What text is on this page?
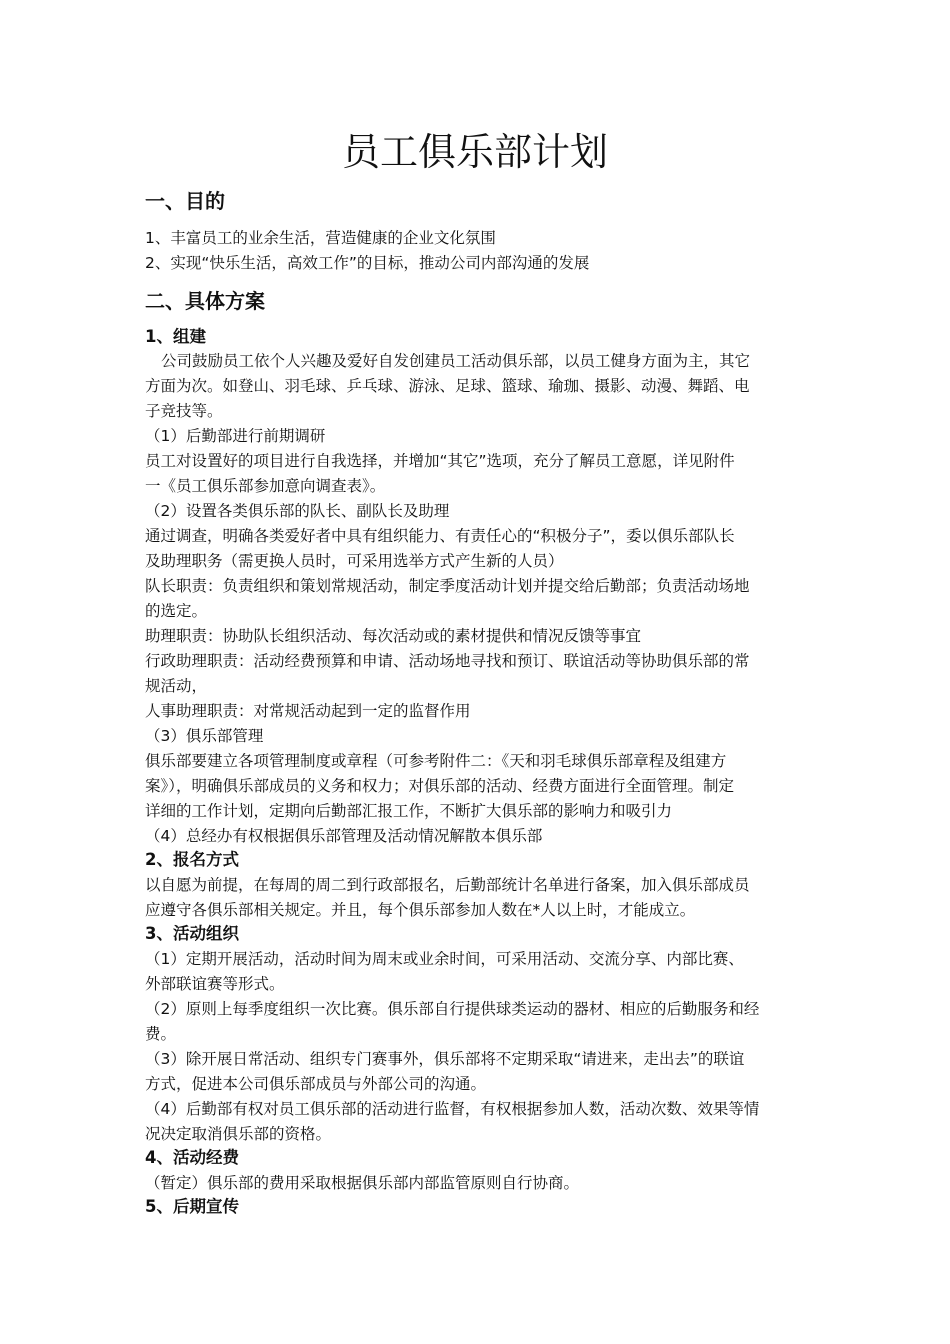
员工俱乐部计划
一、目的

1、丰富员工的业余生活，营造健康的企业文化氛围

2、实现“快乐生活，高效工作”的目标，推动公司内部沟通的发展

二、具体方案
1、组建

公司鼓励员工依个人兴趣及爱好自发创建员工活动俱乐部，以员工健身方面为主，其它

方面为次。如登山、羽毛球、乒乓球、游泳、足球、篮球、瑜珈、摄影、动漫、舞蹈、电

子竞技等。

（1）后勤部进行前期调研

员工对设置好的项目进行自我选择，并增加“其它”选项，充分了解员工意愿，详见附件

一《员工俱乐部参加意向调查表》。

（2）设置各类俱乐部的队长、副队长及助理

通过调查，明确各类爱好者中具有组织能力、有责任心的“积极分子”，委以俱乐部队长

及助理职务（需更换人员时，可采用选举方式产生新的人员）

队长职责：负责组织和策划常规活动，制定季度活动计划并提交给后勤部；负责活动场地

的选定。

助理职责：协助队长组织活动、每次活动或的素材提供和情况反馈等事宜

行政助理职责：活动经费预算和申请、活动场地寻找和预订、联谊活动等协助俱乐部的常

规活动，

人事助理职责：对常规活动起到一定的监督作用

（3）俱乐部管理

俱乐部要建立各项管理制度或章程（可参考附件二：《天和羽毛球俱乐部章程及组建方

案》），明确俱乐部成员的义务和权力；对俱乐部的活动、经费方面进行全面管理。制定

详细的工作计划，定期向后勤部汇报工作，不断扩大俱乐部的影响力和吸引力

（4）总经办有权根据俱乐部管理及活动情况解散本俱乐部

2、报名方式

以自愿为前提，在每周的周二到行政部报名，后勤部统计名单进行备案，加入俱乐部成员

应遵守各俱乐部相关规定。并且，每个俱乐部参加人数在*人以上时，才能成立。

3、活动组织

（1）定期开展活动，活动时间为周末或业余时间，可采用活动、交流分享、内部比赛、

外部联谊赛等形式。

（2）原则上每季度组织一次比赛。俱乐部自行提供球类运动的器材、相应的后勤服务和经

费。

（3）除开展日常活动、组织专门赛事外，俱乐部将不定期采取“请进来，走出去”的联谊

方式，促进本公司俱乐部成员与外部公司的沟通。

（4）后勤部有权对员工俱乐部的活动进行监督，有权根据参加人数，活动次数、效果等情

况决定取消俱乐部的资格。

4、活动经费

（暂定）俱乐部的费用采取根据俱乐部内部监管原则自行协商。

5、后期宣传
